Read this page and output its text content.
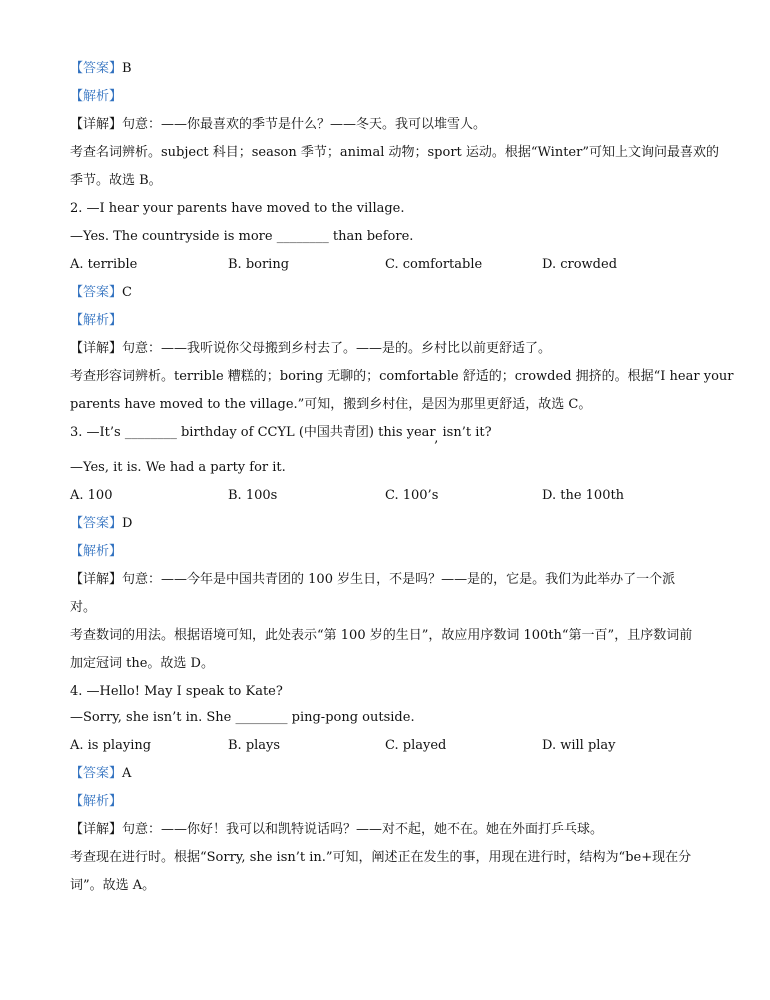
【答案】B
【解析】
【详解】句意：——你最喜欢的季节是什么？——冬天。我可以堆雪人。
考查名词辨析。subject 科目；season 季节；animal 动物；sport 运动。根据“Winter”可知上文询问最喜欢的
季节。故选 B。
2. —I hear your parents have moved to the village.
—Yes. The countryside is more ________ than before.
A. terrible	B. boring	C. comfortable	D. crowded
【答案】C
【解析】
【详解】句意：——我听说你父母搬到乡村去了。——是的。乡村比以前更舒适了。
考查形容词辨析。terrible 糟糕的；boring 无聊的；comfortable 舒适的；crowded 拥挤的。根据“I hear your
parents have moved to the village.”可知，搬到乡村住，是因为那里更舒适，故选 C。
3. —It’s ________ birthday of CCYL (中国共青团) this year, isn’t it?
—Yes, it is. We had a party for it.
A. 100	B. 100s	C. 100’s	D. the 100th
【答案】D
【解析】
【详解】句意：——今年是中国共青团的 100 岁生日，不是吗？——是的，它是。我们为此举办了一个派
对。
考查数词的用法。根据语境可知，此处表示“第 100 岁的生日”，故应用序数词 100th“第一百”，且序数词前
加定冠词 the。故选 D。
4. —Hello! May I speak to Kate?
—Sorry, she isn’t in. She ________ ping-pong outside.
A. is playing	B. plays	C. played	D. will play
【答案】A
【解析】
【详解】句意：——你好！我可以和凯特说话吗？——对不起，她不在。她在外面打乒乓球。
考查现在进行时。根据“Sorry, she isn’t in.”可知，阐述正在发生的事，用现在进行时，结构为“be+现在分
词”。故选 A。
